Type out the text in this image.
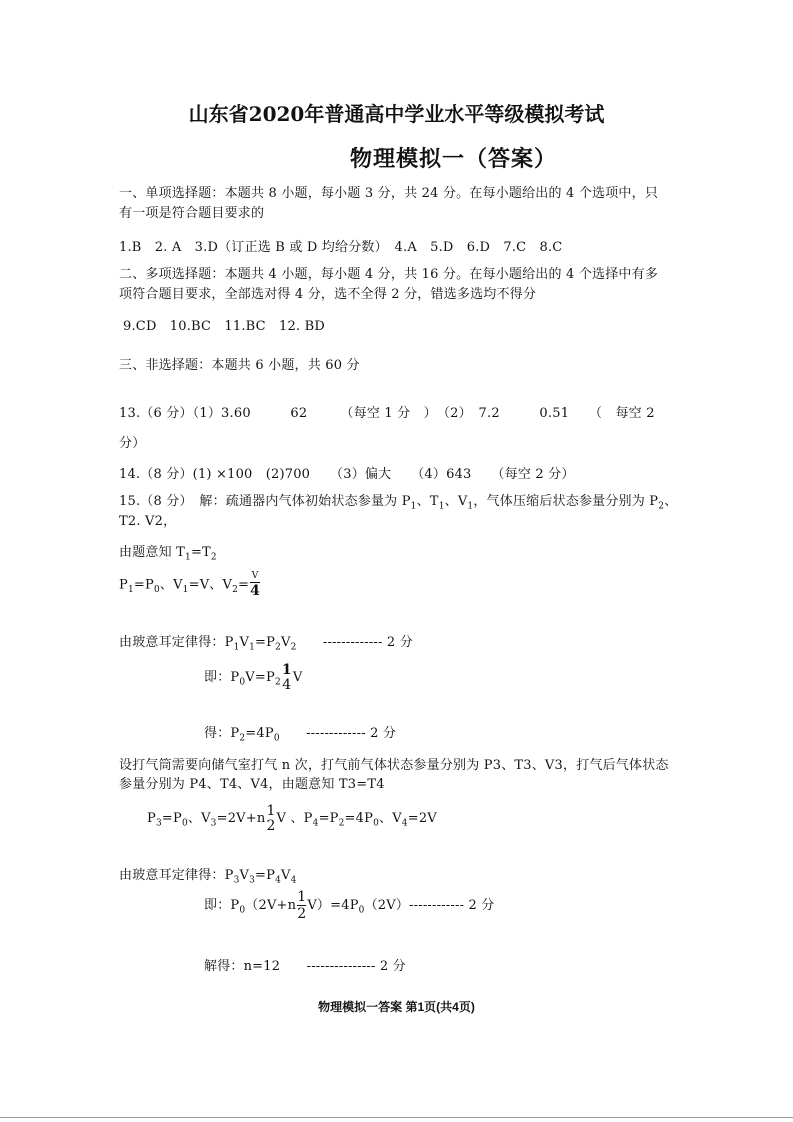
山东省2020年普通高中学业水平等级模拟考试
物理模拟一（答案）
一、单项选择题：本题共 8 小题，每小题 3 分，共 24 分。在每小题给出的 4 个选项中，只
有一项是符合题目要求的
1.B　2. A　3.D（订正选 B 或 D 均给分数）　4.A　5.D　6.D　7.C　8.C
二、多项选择题：本题共 4 小题，每小题 4 分，共 16 分。在每小题给出的 4 个选择中有多
项符合题目要求，全部选对得 4 分，选不全得 2 分，错选多选均不得分
9.CD　10.BC　11.BC　12. BD
三、非选择题：本题共 6 小题，共 60 分
13.（6 分）（1）3.60　　　62　　　（每空 1 分　）　（2）　7.2　　　0.51　　（　每空 2
分）
14.（8 分）(1) ×100　(2)700　　（3）偏大　　（4）643　　（每空 2 分）
15.（8 分）　解：疏通器内气体初始状态参量为 $P_1$、$T_1$、$V_1$，气体压缩后状态参量分别为 $P_2$、
T2. V2，
由题意知 $T_1=T_2$
$P_1=P_0$、$V_1=V$、$V_2= \frac{V}{4}$
由玻意耳定律得：$P_1V_1=P_2V_2$ ------------- 2 分
即：$P_0V=P_2$
1
4 V
得：$P_2=4P_0$ ------------- 2 分
设打气筒需要向储气室打气 n 次，打气前气体状态参量分别为 P3、T3、V3，打气后气体状态
参量分别为 P4、T4、V4，由题意知 T3=T4
$P_3=P_0$、$V_3=2V+n$ 1
2 V 、$P_4=P_2=4P_0$、$V_4=2V$
由玻意耳定律得：$P_3V_3=P_4V_4$
即：$P_0(2V+n \frac{1}{2} V)=4P_0(2V)------------$ 2 分
解得：n=12　　--------------- 2 分
物理模拟一答案 第1页(共4页)
